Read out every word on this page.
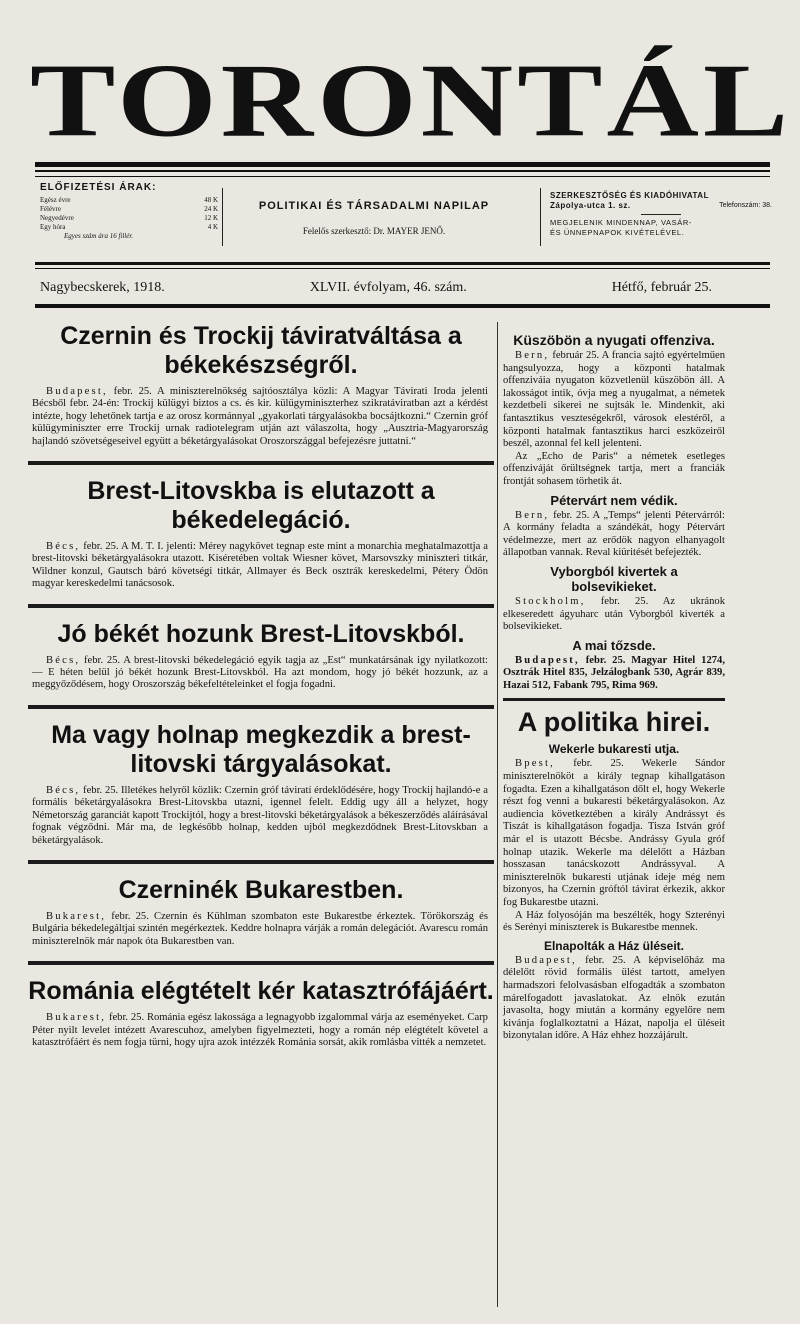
TORONTÁL
ELŐFIZETÉSI ÁRAK:
Egész évre	48 K
Félévre	24 K
Negyedévre	12 K
Egy hóra	4 K
Egyes szám ára 16 fillér.
POLITIKAI ÉS TÁRSADALMI NAPILAP
Felelős szerkesztő: Dr. MAYER JENŐ.
SZERKESZTŐSÉG ÉS KIADÓHIVATAL
Zápolya-utca 1. sz.	Telefonszám: 38.
MEGJELENIK MINDENNAP, VASÁR-
ÉS ÜNNEPNAPOK KIVÉTELÉVEL.
Nagybecskerek, 1918.	XLVII. évfolyam, 46. szám.	Hétfő, február 25.
Czernin és Trockij táviratváltása a békekészségről.

Budapest, febr. 25. A miniszterelnökség sajtóosztálya közli: A Magyar Távirati Iroda jelenti Bécsből febr. 24-én: Trockij külügyi biztos a cs. és kir. külügyminiszterhez szikratáviratban azt a kérdést intézte, hogy lehetőnek tartja e az orosz kormánnyal „gyakorlati tárgyalásokba bocsájtkozni.“ Czernin gróf külügyminiszter erre Trockij urnak radiotelegram utján azt válaszolta, hogy „Ausztria-Magyarország hajlandó szövetségeseivel együtt a béketárgyalásokat Oroszországgal befejezésre juttatni.“

Brest-Litovskba is elutazott a békedelegáció.

Bécs, febr. 25. A M. T. I. jelenti: Mérey nagykövet tegnap este mint a monarchia meghatalmazottja a brest-litovski béketárgyalásokra utazott. Kiséretében voltak Wiesner követ, Marsovszky miniszteri titkár, Wildner konzul, Gautsch báró követségi titkár, Allmayer és Beck osztrák kereskedelmi, Pétery Ödön magyar kereskedelmi tanácsosok.

Jó békét hozunk Brest-Litovskból.

Bécs, febr. 25. A brest-litovski békedelegáció egyik tagja az „Est“ munkatársának igy nyilatkozott: — E héten belül jó békét hozunk Brest-Litovskból. Ha azt mondom, hogy jó békét hozzunk, az a meggyőződésem, hogy Oroszország békefeltételeinket el fogja fogadni.

Ma vagy holnap megkezdik a brest-litovski tárgyalásokat.

Bécs, febr. 25. Illetékes helyről közlik: Czernin gróf táviratí érdeklődésére, hogy Trockij hajlandó-e a formális béketárgyalásokra Brest-Litovskba utazni, igennel felelt. Eddig ugy áll a helyzet, hogy Németország garanciát kapott Trockijtól, hogy a brest-litovski béketárgyalások a békeszerződés aláírásával fognak végződni. Már ma, de legkésőbb holnap, kedden ujból megkezdődnek Brest-Litovskban a béketárgyalások.

Czerninék Bukarestben.

Bukarest, febr. 25. Czernin és Kühlman szombaton este Bukarestbe érkeztek. Törökország és Bulgária békedelegáltjai szintén megérkeztek. Keddre holnapra várják a román delegációt. Avarescu román miniszterelnök már napok óta Bukarestben van.

Románia elégtételt kér katasztrófájáért.

Bukarest, febr. 25. Románia egész lakossága a legnagyobb izgalommal várja az eseményeket. Carp Péter nyilt levelet intézett Avarescuhoz, amelyben figyelmezteti, hogy a román nép elégtételt követel a katasztrófáért és nem fogja türni, hogy ujra azok intézzék Románia sorsát, akik romlásba vitték a nemzetet.

Küszöbön a nyugati offenziva.

Bern, február 25. A francia sajtó egyértelműen hangsulyozza, hogy a központi hatalmak offenziváia nyugaton közvetlenül küszöbön áll. A lakosságot intik, óvja meg a nyugalmat, a németek kezdetbeli sikerei ne sujtsák le. Mindenkit, aki fantasztikus veszteségekről, városok elestéről, a központi hatalmak fantasztikus harci eszközeiről beszél, azonnal fel kell jelenteni.

Az „Echo de Paris“ a németek esetleges offenziváját őrültségnek tartja, mert a franciák frontját sohasem törhetik át.

Pétervárt nem védik.

Bern, febr. 25. A „Temps“ jelenti Pétervárról: A kormány feladta a szándékát, hogy Pétervárt védelmezze, mert az erődök nagyon elhanyagolt állapotban vannak. Reval kiüritését befejezték.

Vyborgból kivertek a
bolsevikieket.

Stockholm, febr. 25. Az ukránok elkeseredett ágyuharc után Vyborgból kiverték a bolsevikieket.

A mai tőzsde.

Budapest, febr. 25. Magyar Hitel 1274, Osztrák Hitel 835, Jelzálogbank 530, Agrár 839, Hazai 512, Fabank 795, Rima 969.

A politika hirei.
Wekerle bukaresti utja.

Bpest, febr. 25. Wekerle Sándor miniszterelnököt a király tegnap kihallgatáson fogadta. Ezen a kihallgatáson dőlt el, hogy Wekerle részt fog venni a bukaresti béketárgyalásokon. Az audiencia következtében a király Andrássyt és Tiszát is kihallgatáson fogadja. Tisza István gróf már el is utazott Bécsbe. Andrássy Gyula gróf holnap utazik. Wekerle ma délelőtt a Házban hosszasan tanácskozott Andrássyval. A miniszterelnök bukaresti utjának ideje még nem bizonyos, ha Czernin gróftól távirat érkezik, akkor fog Bukarestbe utazni.

A Ház folyosóján ma beszélték, hogy Szterényi és Serényi miniszterek is Bukarestbe mennek.

Elnapolták a Ház üléseit.

Budapest, febr. 25. A képviselőház ma délelőtt rövid formális ülést tartott, amelyen harmadszori felolvasásban elfogadták a szombaton márelfogadott javaslatokat. Az elnök ezután javasolta, hogy miután a kormány egyelőre nem kivánja foglalkoztatni a Házat, napolja el üléseit bizonytalan időre. A Ház ehhez hozzájárult.
